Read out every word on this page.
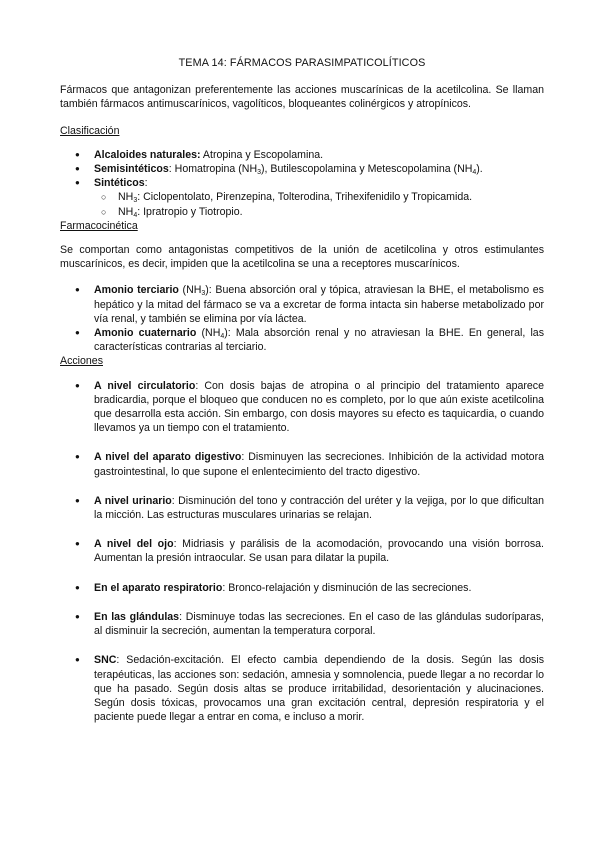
TEMA 14: FÁRMACOS PARASIMPATICOLÍTICOS

Fármacos que antagonizan preferentemente las acciones muscarínicas de la acetilcolina. Se llaman también fármacos antimuscarínicos, vagolíticos, bloqueantes colinérgicos y atropínicos.

Clasificación
● Alcaloides naturales: Atropina y Escopolamina.
● Semisintéticos: Homatropina $(NH_3)$, Butilescopolamina y Metescopolamina $(NH_4)$.
● Sintéticos:
○ $NH_3$: Ciclopentolato, Pirenzepina, Tolterodina, Trihexifenidilo y Tropicamida.
○ $NH_4$: Ipratropio y Tiotropio.
Farmacocinética

Se comportan como antagonistas competitivos de la unión de acetilcolina y otros estimulantes muscarínicos, es decir, impiden que la acetilcolina se una a receptores muscarínicos.

● Amonio terciario $(NH_3)$: Buena absorción oral y tópica, atraviesan la BHE, el metabolismo es hepático y la mitad del fármaco se va a excretar de forma intacta sin haberse metabolizado por vía renal, y también se elimina por vía láctea.
● Amonio cuaternario $(NH_4)$: Mala absorción renal y no atraviesan la BHE. En general, las características contrarias al terciario.
Acciones
● A nivel circulatorio: Con dosis bajas de atropina o al principio del tratamiento aparece bradicardia, porque el bloqueo que conducen no es completo, por lo que aún existe acetilcolina que desarrolla esta acción. Sin embargo, con dosis mayores su efecto es taquicardia, o cuando llevamos ya un tiempo con el tratamiento.
● A nivel del aparato digestivo: Disminuyen las secreciones. Inhibición de la actividad motora gastrointestinal, lo que supone el enlentecimiento del tracto digestivo.
● A nivel urinario: Disminución del tono y contracción del uréter y la vejiga, por lo que dificultan la micción. Las estructuras musculares urinarias se relajan.
● A nivel del ojo: Midriasis y parálisis de la acomodación, provocando una visión borrosa. Aumentan la presión intraocular. Se usan para dilatar la pupila.
● En el aparato respiratorio: Bronco-relajación y disminución de las secreciones.
● En las glándulas: Disminuye todas las secreciones. En el caso de las glándulas sudoríparas, al disminuir la secreción, aumentan la temperatura corporal.
● SNC: Sedación-excitación. El efecto cambia dependiendo de la dosis. Según las dosis terapéuticas, las acciones son: sedación, amnesia y somnolencia, puede llegar a no recordar lo que ha pasado. Según dosis altas se produce irritabilidad, desorientación y alucinaciones. Según dosis tóxicas, provocamos una gran excitación central, depresión respiratoria y el paciente puede llegar a entrar en coma, e incluso a morir.
